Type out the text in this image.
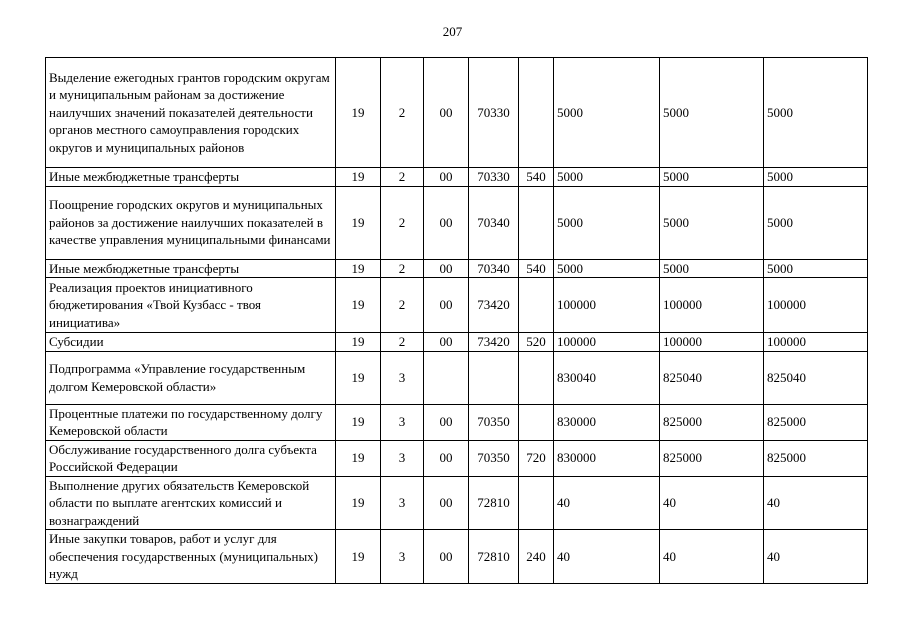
207
Выделение ежегодных грантов городским округам и муниципальным районам за достижение наилучших значений показателей деятельности органов местного самоуправления городских округов и муниципальных районов	19	2	00	70330		5000	5000	5000
Иные межбюджетные трансферты	19	2	00	70330	540	5000	5000	5000
Поощрение городских округов и муниципальных районов за достижение наилучших показателей в качестве управления муниципальными финансами	19	2	00	70340		5000	5000	5000
Иные межбюджетные трансферты	19	2	00	70340	540	5000	5000	5000
Реализация проектов инициативного бюджетирования «Твой Кузбасс - твоя инициатива»	19	2	00	73420		100000	100000	100000
Субсидии	19	2	00	73420	520	100000	100000	100000
Подпрограмма «Управление государственным долгом Кемеровской области»	19	3				830040	825040	825040
Процентные платежи по государственному долгу Кемеровской области	19	3	00	70350		830000	825000	825000
Обслуживание государственного долга субъекта Российской Федерации	19	3	00	70350	720	830000	825000	825000
Выполнение других обязательств Кемеровской области по выплате агентских комиссий и вознаграждений	19	3	00	72810		40	40	40
Иные закупки товаров, работ и услуг для обеспечения государственных (муниципальных) нужд	19	3	00	72810	240	40	40	40
